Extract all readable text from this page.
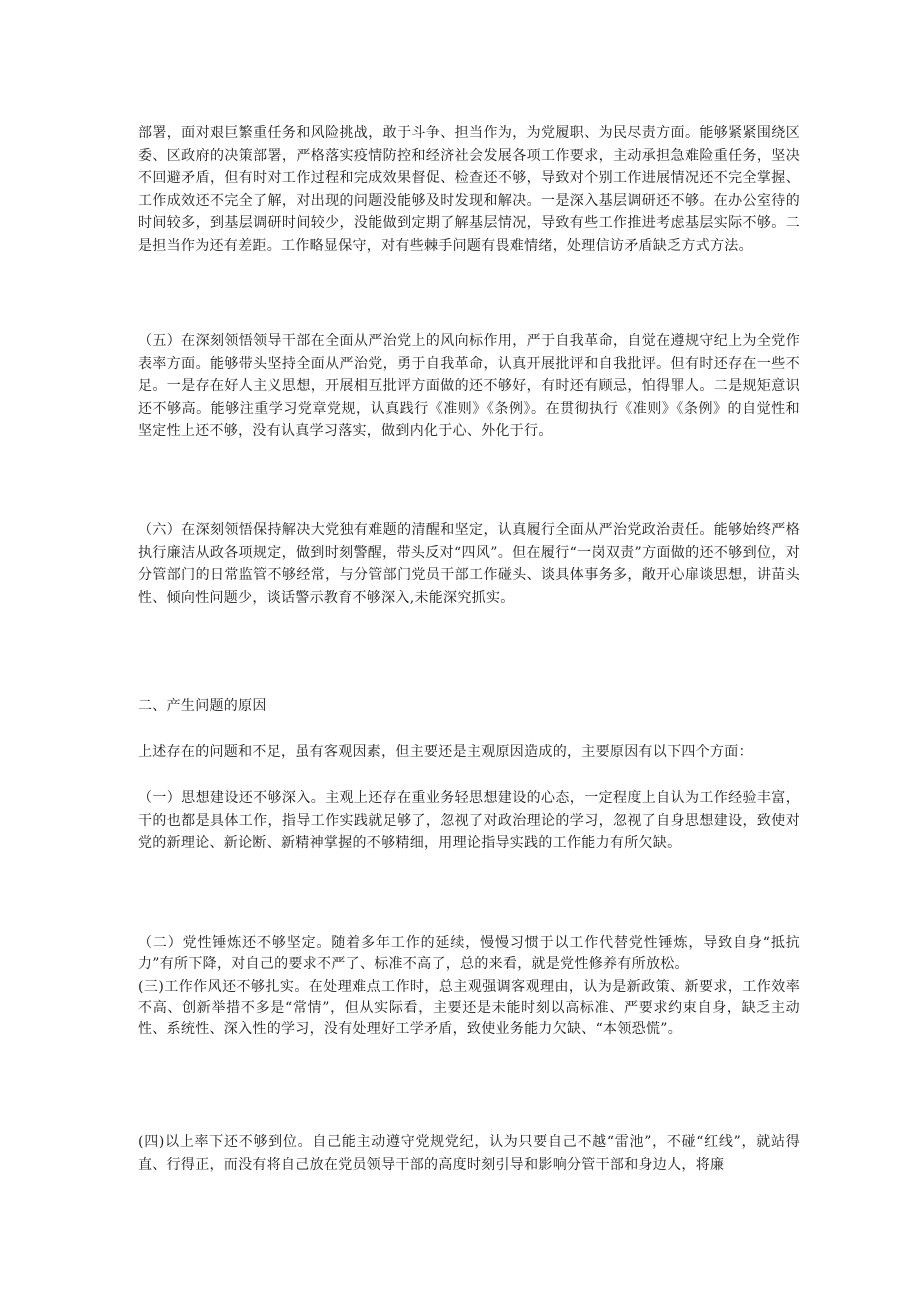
部署，面对艰巨繁重任务和风险挑战，敢于斗争、担当作为，为党履职、为民尽责方面。能够紧紧围绕区委、区政府的决策部署，严格落实疫情防控和经济社会发展各项工作要求，主动承担急难险重任务，坚决不回避矛盾，但有时对工作过程和完成效果督促、检查还不够，导致对个别工作进展情况还不完全掌握、工作成效还不完全了解，对出现的问题没能够及时发现和解决。一是深入基层调研还不够。在办公室待的时间较多，到基层调研时间较少，没能做到定期了解基层情况，导致有些工作推进考虑基层实际不够。二是担当作为还有差距。工作略显保守，对有些棘手问题有畏难情绪，处理信访矛盾缺乏方式方法。

（五）在深刻领悟领导干部在全面从严治党上的风向标作用，严于自我革命，自觉在遵规守纪上为全党作表率方面。能够带头坚持全面从严治党，勇于自我革命，认真开展批评和自我批评。但有时还存在一些不足。一是存在好人主义思想，开展相互批评方面做的还不够好，有时还有顾忌，怕得罪人。二是规矩意识还不够高。能够注重学习党章党规，认真践行《准则》《条例》。在贯彻执行《准则》《条例》的自觉性和坚定性上还不够，没有认真学习落实，做到内化于心、外化于行。

（六）在深刻领悟保持解决大党独有难题的清醒和坚定，认真履行全面从严治党政治责任。能够始终严格执行廉洁从政各项规定，做到时刻警醒，带头反对“四风”。但在履行“一岗双责”方面做的还不够到位，对分管部门的日常监管不够经常，与分管部门党员干部工作碰头、谈具体事务多，敞开心扉谈思想，讲苗头性、倾向性问题少，谈话警示教育不够深入,未能深究抓实。

二、产生问题的原因

上述存在的问题和不足，虽有客观因素，但主要还是主观原因造成的，主要原因有以下四个方面：

（一）思想建设还不够深入。主观上还存在重业务轻思想建设的心态，一定程度上自认为工作经验丰富，干的也都是具体工作，指导工作实践就足够了，忽视了对政治理论的学习，忽视了自身思想建设，致使对党的新理论、新论断、新精神掌握的不够精细，用理论指导实践的工作能力有所欠缺。

（二）党性锤炼还不够坚定。随着多年工作的延续，慢慢习惯于以工作代替党性锤炼，导致自身“抵抗力”有所下降，对自己的要求不严了、标准不高了，总的来看，就是党性修养有所放松。

(三)工作作风还不够扎实。在处理难点工作时，总主观强调客观理由，认为是新政策、新要求，工作效率不高、创新举措不多是“常情”，但从实际看，主要还是未能时刻以高标准、严要求约束自身，缺乏主动性、系统性、深入性的学习，没有处理好工学矛盾，致使业务能力欠缺、“本领恐慌”。

(四)以上率下还不够到位。自己能主动遵守党规党纪，认为只要自己不越“雷池”，不碰“红线”，就站得直、行得正，而没有将自己放在党员领导干部的高度时刻引导和影响分管干部和身边人，将廉
